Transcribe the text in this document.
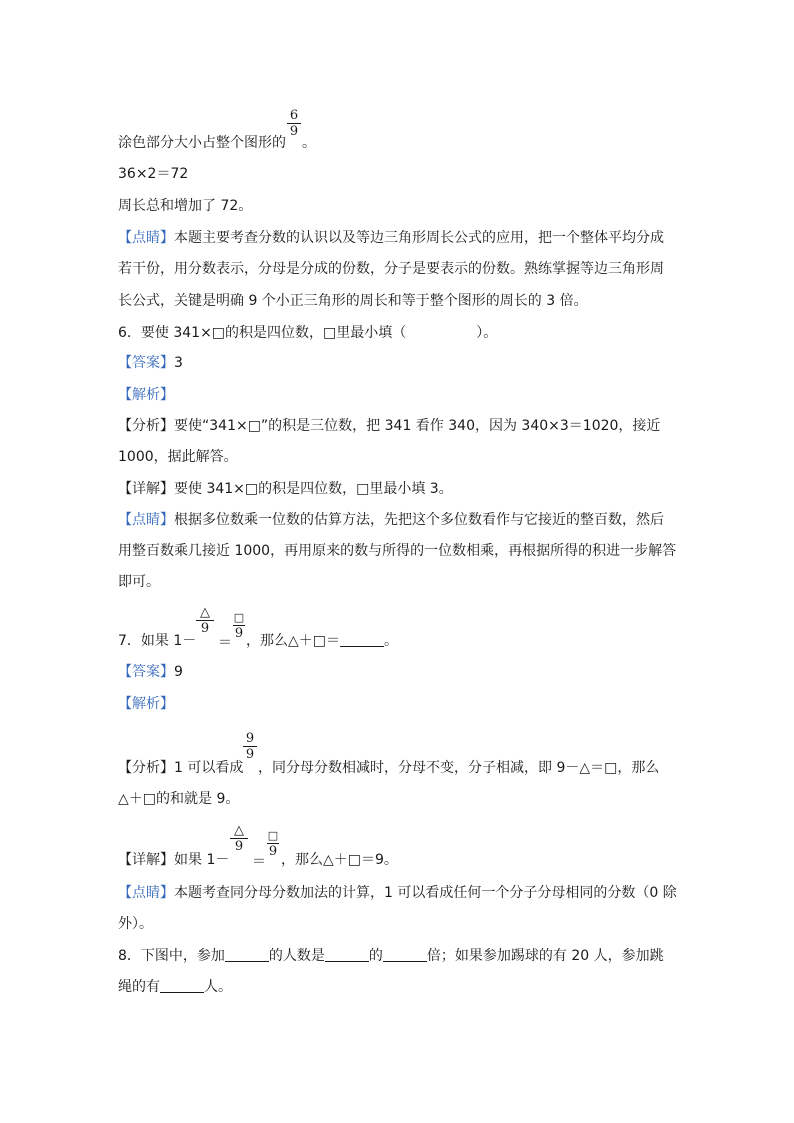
涂色部分大小占整个图形的
6
9
。
36×2＝72
周长总和增加了 72。
【点睛】本题主要考查分数的认识以及等边三角形周长公式的应用，把一个整体平均分成
若干份，用分数表示，分母是分成的份数，分子是要表示的份数。熟练掌握等边三角形周
长公式，关键是明确 9 个小正三角形的周长和等于整个图形的周长的 3 倍。
6．要使 341×□的积是四位数，□里最小填（	）。
【答案】3
【解析】
【分析】要使“341×□”的积是三位数，把 341 看作 340，因为 340×3＝1020，接近
1000，据此解答。
【详解】要使 341×□的积是四位数，□里最小填 3。
【点睛】根据多位数乘一位数的估算方法，先把这个多位数看作与它接近的整百数，然后
用整百数乘几接近 1000，再用原来的数与所得的一位数相乘，再根据所得的积进一步解答
即可。
7．如果 1－
△
9
＝
□
9 ，那么△＋□＝	。
【答案】9
【解析】
【分析】1 可以看成
9
9
，同分母分数相减时，分母不变，分子相减，即 9－△＝□，那么
△＋□的和就是 9。
【详解】如果 1－
△
9
＝
□
9
，那么△＋□＝9。
【点睛】本题考查同分母分数加法的计算，1 可以看成任何一个分子分母相同的分数（0 除
外）。
8．下图中，参加	的人数是	的	倍；如果参加踢球的有 20 人，参加跳
绳的有	人。
